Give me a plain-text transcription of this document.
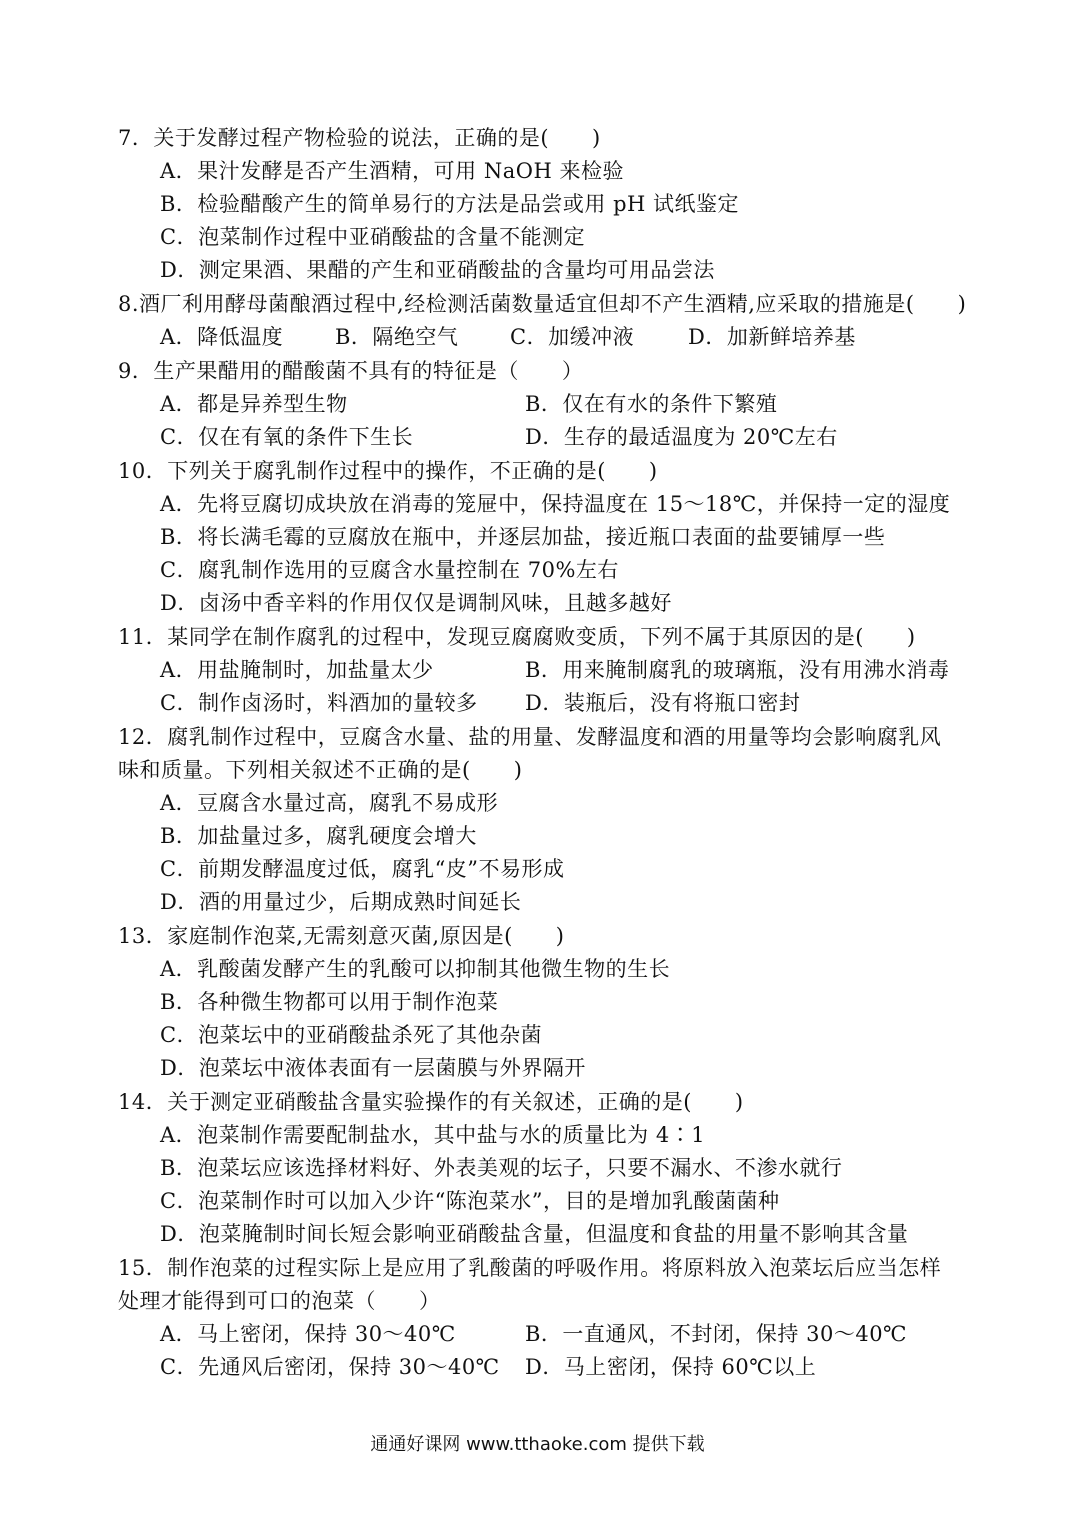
7．关于发酵过程产物检验的说法，正确的是(　　)
A．果汁发酵是否产生酒精，可用 NaOH 来检验
B．检验醋酸产生的简单易行的方法是品尝或用 pH 试纸鉴定
C．泡菜制作过程中亚硝酸盐的含量不能测定
D．测定果酒、果醋的产生和亚硝酸盐的含量均可用品尝法
8.酒厂利用酵母菌酿酒过程中,经检测活菌数量适宜但却不产生酒精,应采取的措施是(　　)
A．降低温度 B．隔绝空气 C．加缓冲液	D．加新鲜培养基
9．生产果醋用的醋酸菌不具有的特征是（　　）
A．都是异养型生物	B．仅在有水的条件下繁殖
C．仅在有氧的条件下生长	D．生存的最适温度为 20℃左右
10．下列关于腐乳制作过程中的操作，不正确的是(　　)
A．先将豆腐切成块放在消毒的笼屉中，保持温度在 15～18℃，并保持一定的湿度
B．将长满毛霉的豆腐放在瓶中，并逐层加盐，接近瓶口表面的盐要铺厚一些
C．腐乳制作选用的豆腐含水量控制在 70%左右
D．卤汤中香辛料的作用仅仅是调制风味，且越多越好
11．某同学在制作腐乳的过程中，发现豆腐腐败变质，下列不属于其原因的是(　　)
A．用盐腌制时，加盐量太少	B．用来腌制腐乳的玻璃瓶，没有用沸水消毒
C．制作卤汤时，料酒加的量较多 D．装瓶后，没有将瓶口密封
12．腐乳制作过程中，豆腐含水量、盐的用量、发酵温度和酒的用量等均会影响腐乳风
味和质量。下列相关叙述不正确的是(　　)
A．豆腐含水量过高，腐乳不易成形
B．加盐量过多，腐乳硬度会增大
C．前期发酵温度过低，腐乳“皮”不易形成
D．酒的用量过少，后期成熟时间延长
13．家庭制作泡菜,无需刻意灭菌,原因是(　　)
A．乳酸菌发酵产生的乳酸可以抑制其他微生物的生长
B．各种微生物都可以用于制作泡菜
C．泡菜坛中的亚硝酸盐杀死了其他杂菌
D．泡菜坛中液体表面有一层菌膜与外界隔开
14．关于测定亚硝酸盐含量实验操作的有关叙述，正确的是(　　)
A．泡菜制作需要配制盐水，其中盐与水的质量比为 4∶1
B．泡菜坛应该选择材料好、外表美观的坛子，只要不漏水、不渗水就行
C．泡菜制作时可以加入少许“陈泡菜水”，目的是增加乳酸菌菌种
D．泡菜腌制时间长短会影响亚硝酸盐含量，但温度和食盐的用量不影响其含量
15．制作泡菜的过程实际上是应用了乳酸菌的呼吸作用。将原料放入泡菜坛后应当怎样
处理才能得到可口的泡菜（　　）
A．马上密闭，保持 30～40℃	B．一直通风，不封闭，保持 30～40℃
C．先通风后密闭，保持 30～40℃ D．马上密闭，保持 60℃以上
通通好课网 www.tthaoke.com 提供下载
